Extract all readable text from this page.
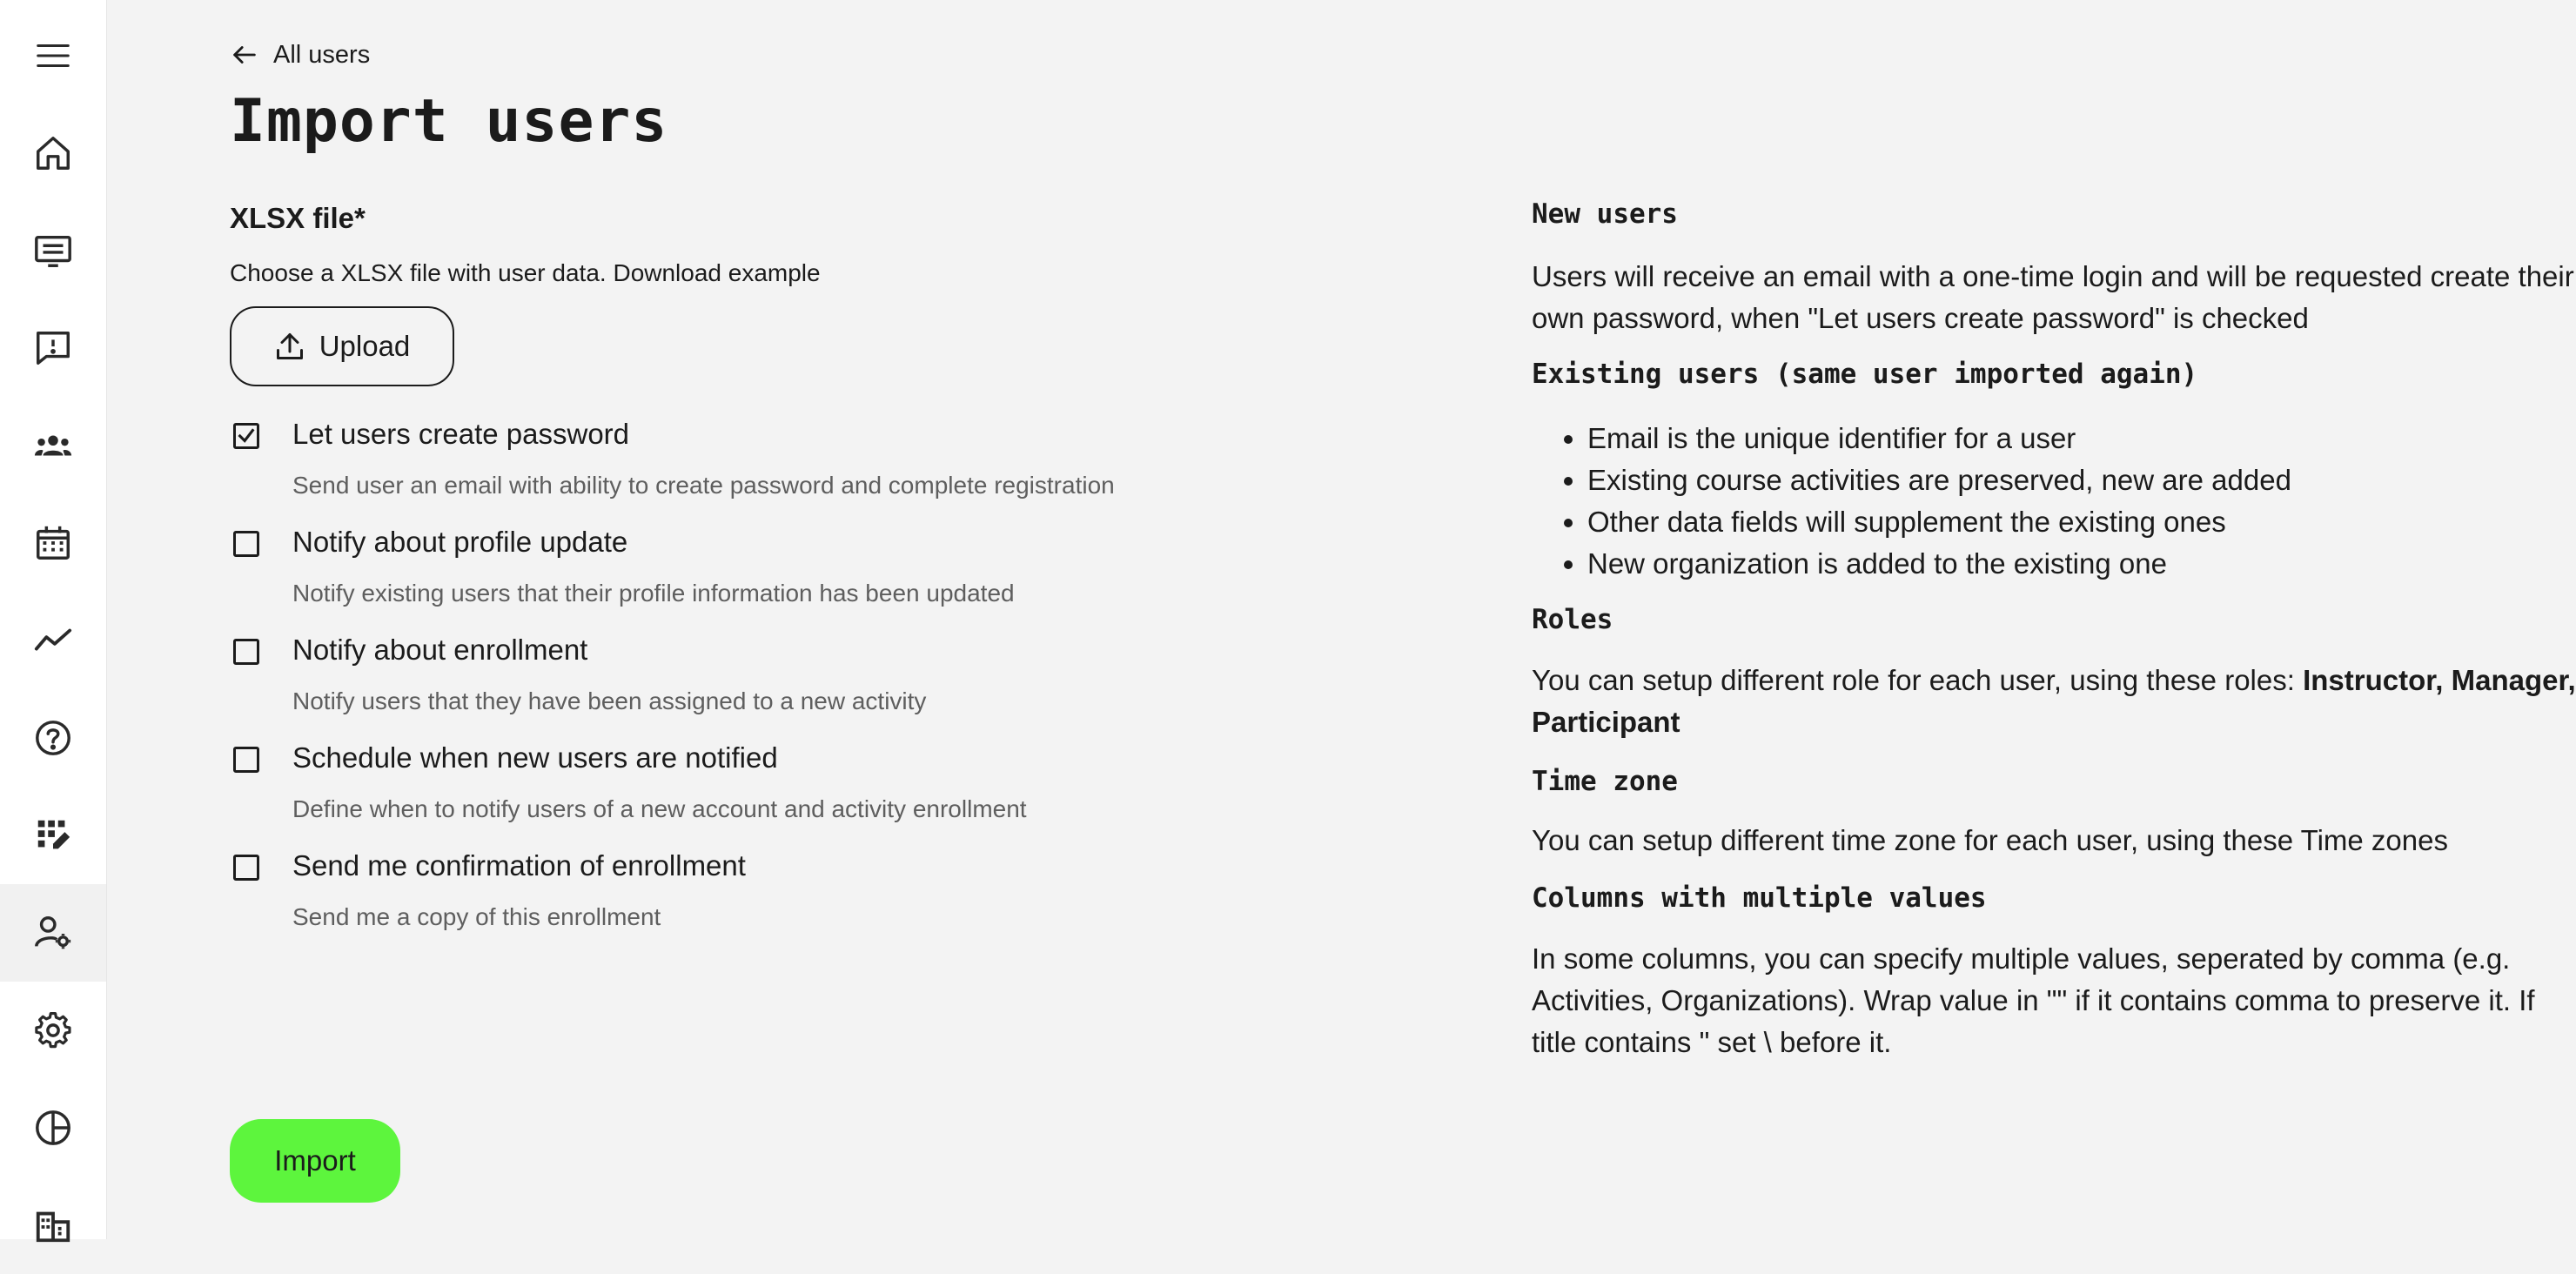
All users
Import users
XLSX file*
Choose a XLSX file with user data. Download example
Upload
Let users create password
Send user an email with ability to create password and complete registration
Notify about profile update
Notify existing users that their profile information has been updated
Notify about enrollment
Notify users that they have been assigned to a new activity
Schedule when new users are notified
Define when to notify users of a new account and activity enrollment
Send me confirmation of enrollment
Send me a copy of this enrollment
Import
New users
Users will receive an email with a one-time login and will be requested create their own password, when "Let users create password" is checked
Existing users (same user imported again)
• Email is the unique identifier for a user
• Existing course activities are preserved, new are added
• Other data fields will supplement the existing ones
• New organization is added to the existing one
Roles
You can setup different role for each user, using these roles: Instructor, Manager, Participant
Time zone
You can setup different time zone for each user, using these Time zones
Columns with multiple values
In some columns, you can specify multiple values, seperated by comma (e.g. Activities, Organizations). Wrap value in "" if it contains comma to preserve it. If title contains " set \ before it.
